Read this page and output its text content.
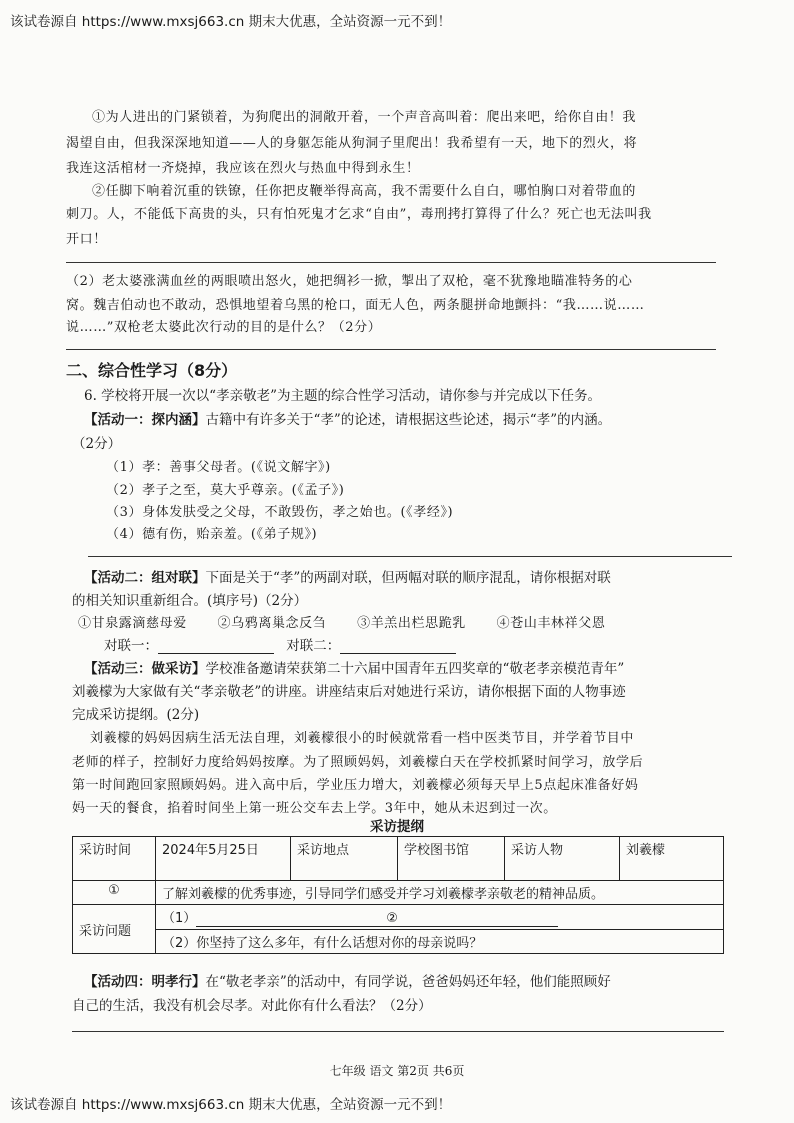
该试卷源自 https://www.mxsj663.cn 期末大优惠，全站资源一元不到！
①为人进出的门紧锁着，为狗爬出的洞敞开着，一个声音高叫着：爬出来吧，给你自由！我
渴望自由，但我深深地知道——人的身躯怎能从狗洞子里爬出！我希望有一天，地下的烈火，将
我连这活棺材一齐烧掉，我应该在烈火与热血中得到永生！
②任脚下响着沉重的铁镣，任你把皮鞭举得高高，我不需要什么自白，哪怕胸口对着带血的
刺刀。人，不能低下高贵的头，只有怕死鬼才乞求“自由”，毒刑拷打算得了什么？死亡也无法叫我
开口！
（2）老太婆涨满血丝的两眼喷出怒火，她把绸衫一掀，掣出了双枪，毫不犹豫地瞄准特务的心
窝。魏吉伯动也不敢动，恐惧地望着乌黑的枪口，面无人色，两条腿拼命地颤抖：“我……说……
说……”双枪老太婆此次行动的目的是什么？（2分）
二、综合性学习（8分）
6. 学校将开展一次以“孝亲敬老”为主题的综合性学习活动，请你参与并完成以下任务。
【活动一：探内涵】古籍中有许多关于“孝”的论述，请根据这些论述，揭示“孝”的内涵。
（2分）
（1）孝：善事父母者。(《说文解字》)
（2）孝子之至，莫大乎尊亲。(《孟子》)
（3）身体发肤受之父母，不敢毁伤，孝之始也。(《孝经》)
（4）德有伤，贻亲羞。(《弟子规》)
【活动二：组对联】下面是关于“孝”的两副对联，但两幅对联的顺序混乱，请你根据对联
的相关知识重新组合。(填序号)（2分）
①甘泉露滴慈母爱 ②乌鸦离巢念反刍 ③羊羔出栏思跪乳 ④苍山丰林祥父恩
对联一：	对联二：
【活动三：做采访】学校准备邀请荣获第二十六届中国青年五四奖章的“敬老孝亲模范青年”
刘羲檬为大家做有关“孝亲敬老”的讲座。讲座结束后对她进行采访，请你根据下面的人物事迹
完成采访提纲。(2分)
刘羲檬的妈妈因病生活无法自理，刘羲檬很小的时候就常看一档中医类节目，并学着节目中
老师的样子，控制好力度给妈妈按摩。为了照顾妈妈，刘羲檬白天在学校抓紧时间学习，放学后
第一时间跑回家照顾妈妈。进入高中后，学业压力增大，刘羲檬必须每天早上5点起床准备好妈
妈一天的餐食，掐着时间坐上第一班公交车去上学。3年中，她从未迟到过一次。
采访提纲
采访时间	2024年5月25日	采访地点	学校图书馆	采访人物	刘羲檬
①	了解刘羲檬的优秀事迹，引导同学们感受并学习刘羲檬孝亲敬老的精神品质。				
采访问题	（1） ②				
	（2）你坚持了这么多年，有什么话想对你的母亲说吗？				
【活动四：明孝行】在“敬老孝亲”的活动中，有同学说，爸爸妈妈还年轻，他们能照顾好
自己的生活，我没有机会尽孝。对此你有什么看法？（2分）
七年级 语文 第2页 共6页
该试卷源自 https://www.mxsj663.cn 期末大优惠，全站资源一元不到！
